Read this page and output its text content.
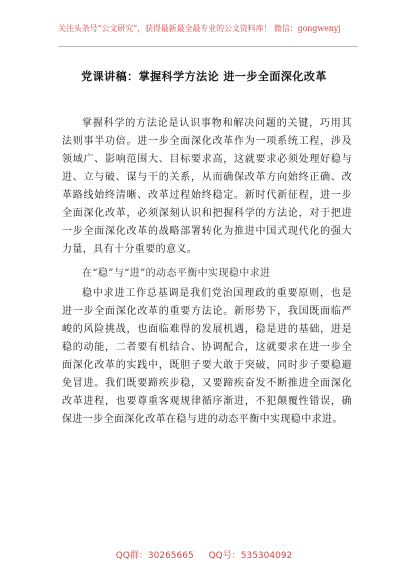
关注头条号“公文研究”，获得最新最全最专业的公文资料库！ 微信：gongwenyj
党课讲稿：掌握科学方法论 进一步全面深化改革

掌握科学的方法论是认识事物和解决问题的关键，巧用其法则事半功倍。进一步全面深化改革作为一项系统工程，涉及领域广、影响范围大、目标要求高，这就要求必须处理好稳与进、立与破、谋与干的关系，从而确保改革方向始终正确、改革路线始终清晰、改革过程始终稳定。新时代新征程，进一步全面深化改革，必须深刻认识和把握科学的方法论，对于把进一步全面深化改革的战略部署转化为推进中国式现代化的强大力量，具有十分重要的意义。

在“稳”与“进”的动态平衡中实现稳中求进

稳中求进工作总基调是我们党治国理政的重要原则，也是进一步全面深化改革的重要方法论。新形势下，我国既面临严峻的风险挑战，也面临难得的发展机遇，稳是进的基础，进是稳的动能，二者要有机结合、协调配合，这就要求在进一步全面深化改革的实践中，既胆子要大敢于突破，同时步子要稳避免冒进。我们既要蹄疾步稳，又要蹄疾奋发不断推进全面深化改革进程，也要尊重客观规律循序渐进，不犯颠覆性错误，确保进一步全面深化改革在稳与进的动态平衡中实现稳中求进。

QQ群：30265665 QQ号：535304092
